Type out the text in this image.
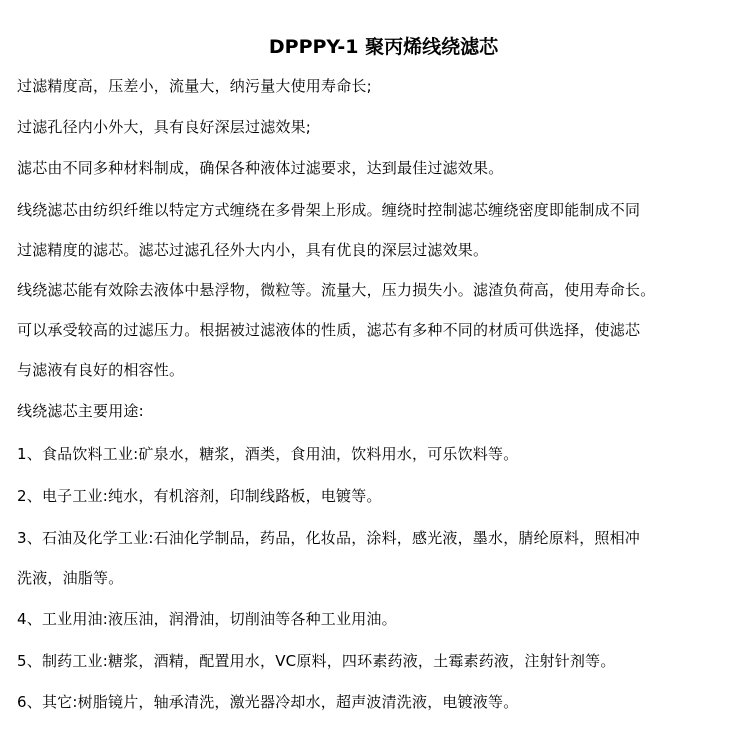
DPPPY-1 聚丙烯线绕滤芯

过滤精度高，压差小，流量大，纳污量大使用寿命长;

过滤孔径内小外大，具有良好深层过滤效果;

滤芯由不同多种材料制成，确保各种液体过滤要求，达到最佳过滤效果。

线绕滤芯由纺织纤维以特定方式缠绕在多骨架上形成。缠绕时控制滤芯缠绕密度即能制成不同

过滤精度的滤芯。滤芯过滤孔径外大内小，具有优良的深层过滤效果。

线绕滤芯能有效除去液体中悬浮物，微粒等。流量大，压力损失小。滤渣负荷高，使用寿命长。

可以承受较高的过滤压力。根据被过滤液体的性质，滤芯有多种不同的材质可供选择，使滤芯

与滤液有良好的相容性。

线绕滤芯主要用途:

1、食品饮料工业:矿泉水，糖浆，酒类，食用油，饮料用水，可乐饮料等。

2、电子工业:纯水，有机溶剂，印制线路板，电镀等。

3、石油及化学工业:石油化学制品，药品，化妆品，涂料，感光液，墨水，腈纶原料，照相冲

洗液，油脂等。

4、工业用油:液压油，润滑油，切削油等各种工业用油。

5、制药工业:糖浆，酒精，配置用水，VC原料，四环素药液，土霉素药液，注射针剂等。

6、其它:树脂镜片，轴承清洗，激光器冷却水，超声波清洗液，电镀液等。
